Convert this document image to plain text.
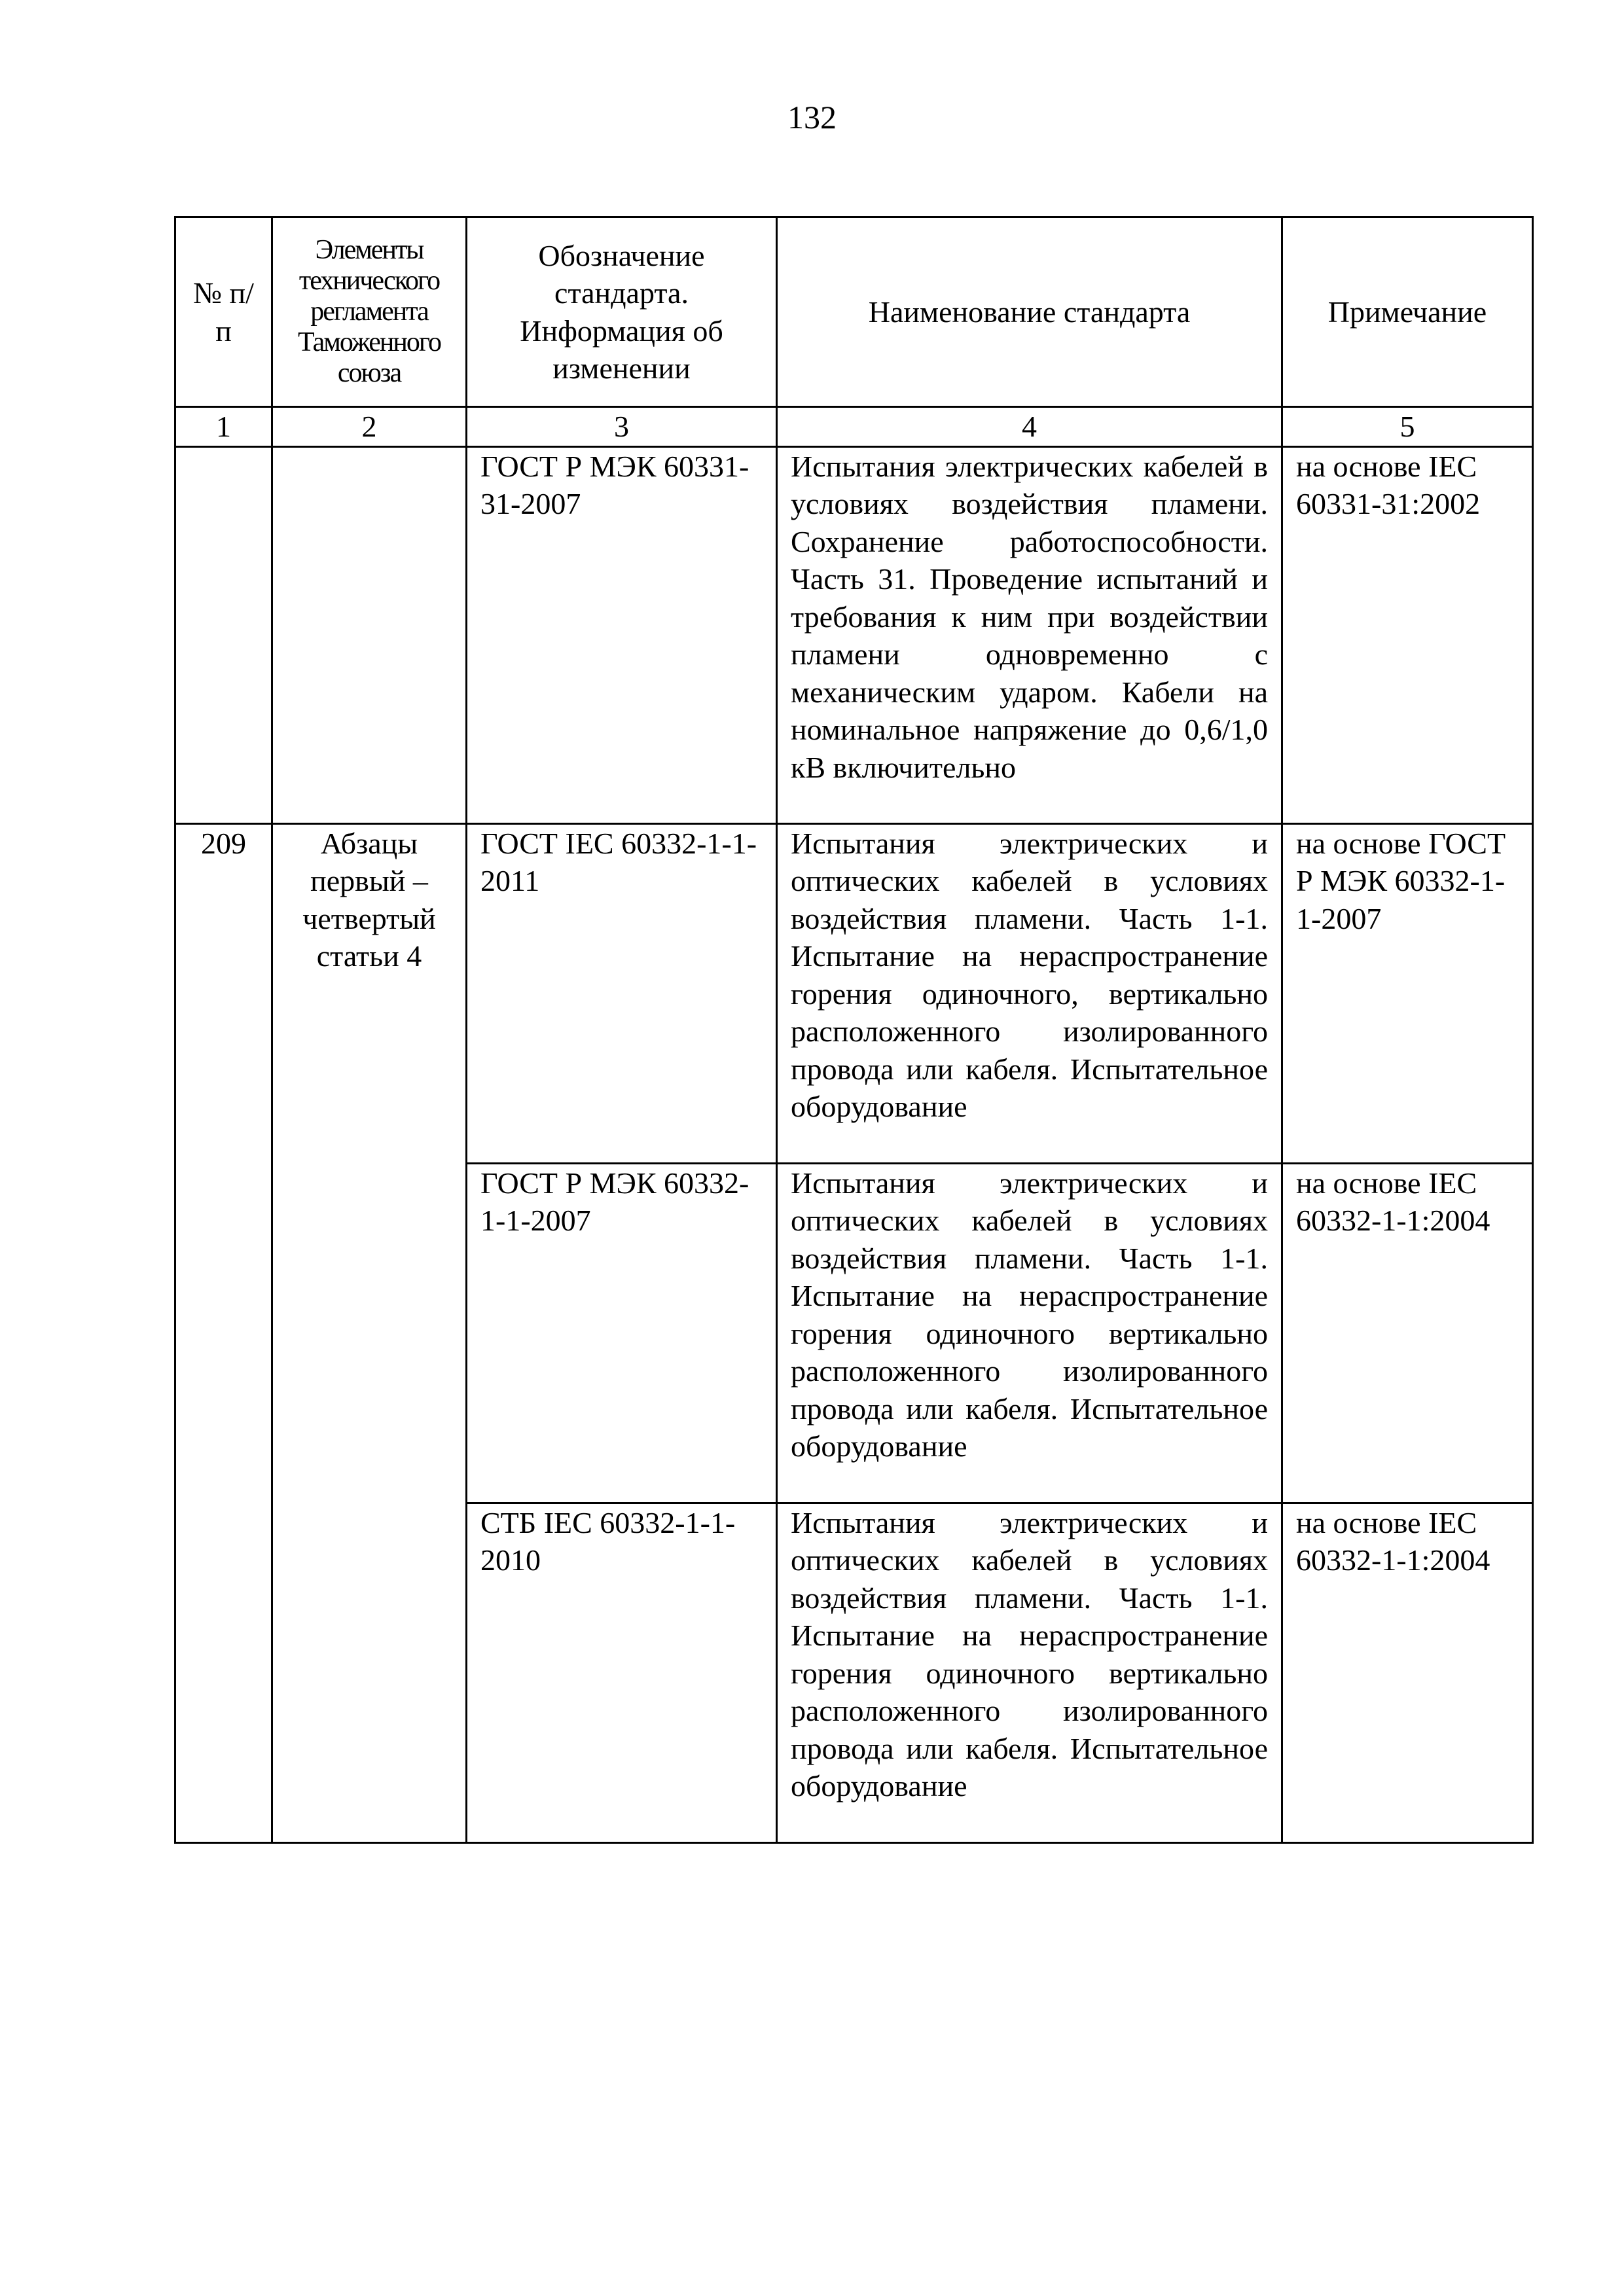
132
№ п/п	Элементы технического регламента Таможенного союза	Обозначение стандарта. Информация об изменении	Наименование стандарта	Примечание
1	2	3	4	5
		ГОСТ Р МЭК 60331-31-2007	Испытания электрических кабелей в условиях воздействия пламени. Сохранение работоспособности. Часть 31. Проведение испытаний и требования к ним при воздействии пламени одновременно с механическим ударом. Кабели на номинальное напряжение до 0,6/1,0 кВ включительно	на основе IEC 60331-31:2002
209	Абзацы первый – четвертый статьи 4	ГОСТ IEC 60332-1-1-2011	Испытания электрических и оптических кабелей в условиях воздействия пламени. Часть 1-1. Испытание на нераспространение горения одиночного, вертикально расположенного изолированного провода или кабеля. Испытательное оборудование	на основе ГОСТ Р МЭК 60332-1-1-2007
		ГОСТ Р МЭК 60332-1-1-2007	Испытания электрических и оптических кабелей в условиях воздействия пламени. Часть 1-1. Испытание на нераспространение горения одиночного вертикально расположенного изолированного провода или кабеля. Испытательное оборудование	на основе IEC 60332-1-1:2004
		СТБ IEC 60332-1-1-2010	Испытания электрических и оптических кабелей в условиях воздействия пламени. Часть 1-1. Испытание на нераспространение горения одиночного вертикально расположенного изолированного провода или кабеля. Испытательное оборудование	на основе IEC 60332-1-1:2004
